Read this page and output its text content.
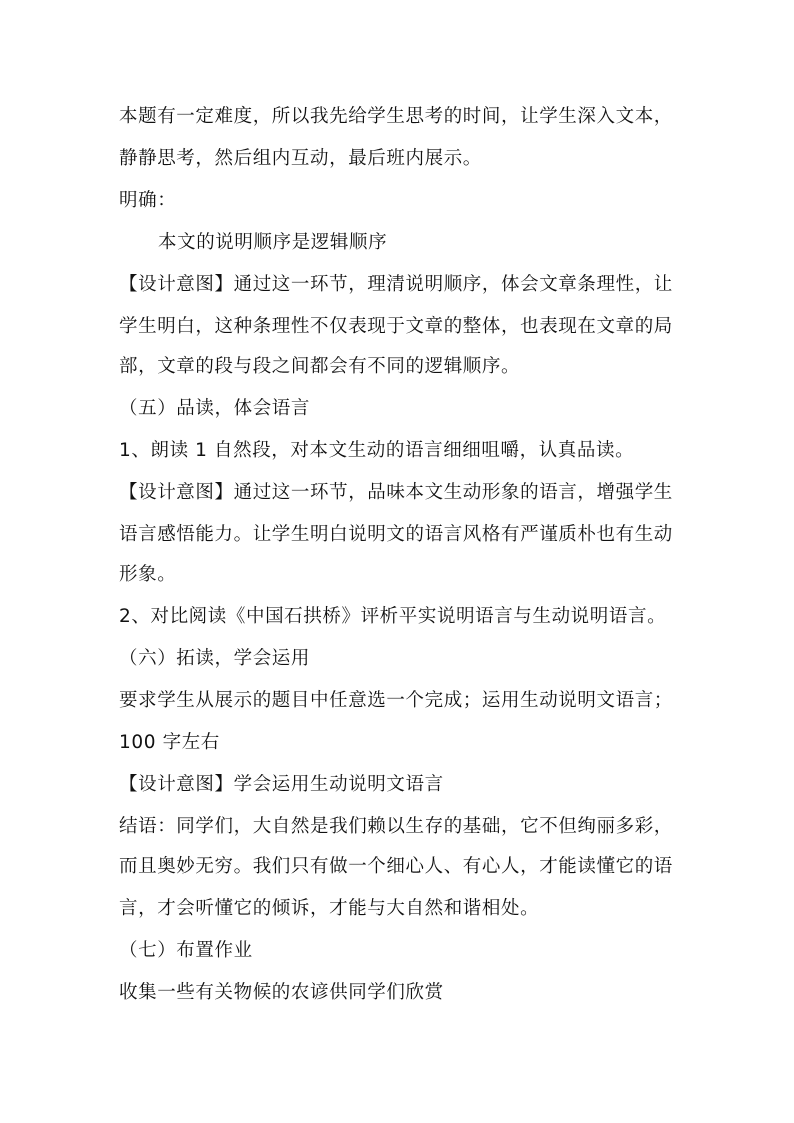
本题有一定难度，所以我先给学生思考的时间，让学生深入文本，

静静思考，然后组内互动，最后班内展示。

明确：

本文的说明顺序是逻辑顺序

【设计意图】通过这一环节，理清说明顺序，体会文章条理性，让

学生明白，这种条理性不仅表现于文章的整体，也表现在文章的局

部，文章的段与段之间都会有不同的逻辑顺序。

（五）品读，体会语言

1、朗读 1 自然段，对本文生动的语言细细咀嚼，认真品读。

【设计意图】通过这一环节，品味本文生动形象的语言，增强学生

语言感悟能力。让学生明白说明文的语言风格有严谨质朴也有生动

形象。

2、对比阅读《中国石拱桥》评析平实说明语言与生动说明语言。

（六）拓读，学会运用

要求学生从展示的题目中任意选一个完成；运用生动说明文语言；

100 字左右

【设计意图】学会运用生动说明文语言

结语：同学们，大自然是我们赖以生存的基础，它不但绚丽多彩，

而且奥妙无穷。我们只有做一个细心人、有心人，才能读懂它的语

言，才会听懂它的倾诉，才能与大自然和谐相处。

（七）布置作业

收集一些有关物候的农谚供同学们欣赏
